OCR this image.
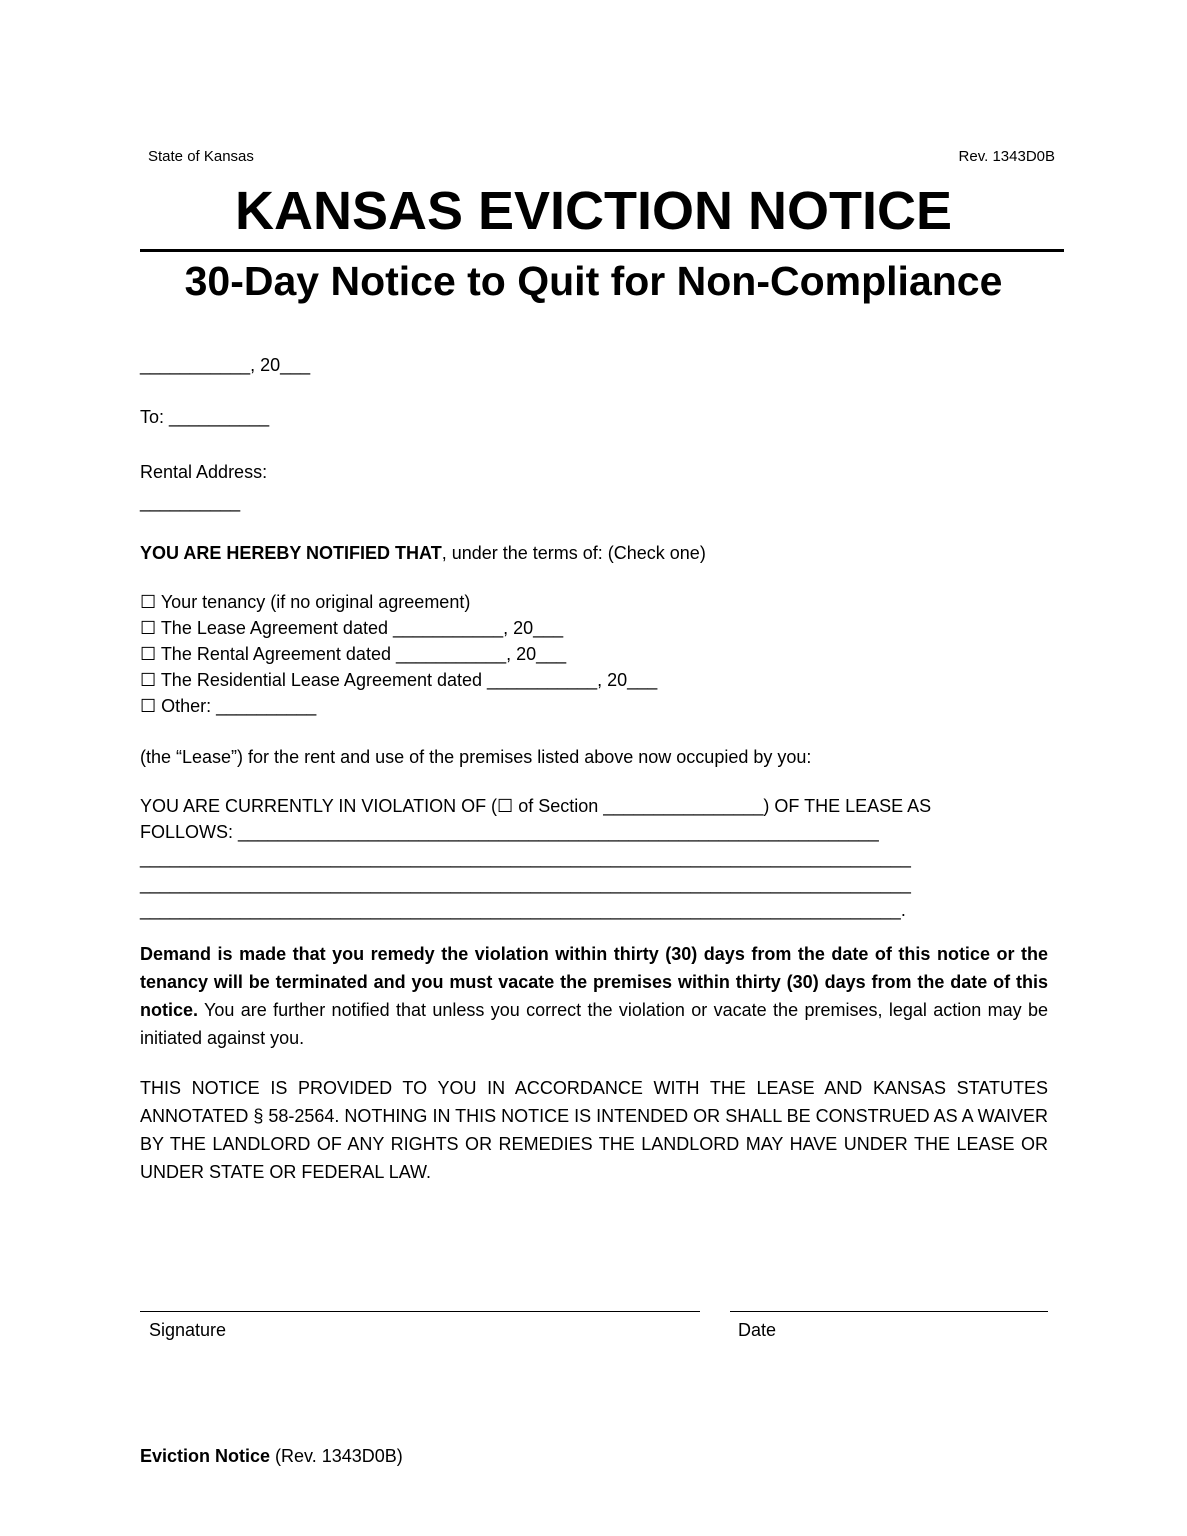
State of Kansas	Rev. 1343D0B
KANSAS EVICTION NOTICE
30-Day Notice to Quit for Non-Compliance
___________, 20___
To: __________
Rental Address:
__________
YOU ARE HEREBY NOTIFIED THAT, under the terms of: (Check one)
☐ Your tenancy (if no original agreement)
☐ The Lease Agreement dated ___________, 20___
☐ The Rental Agreement dated ___________, 20___
☐ The Residential Lease Agreement dated ___________, 20___
☐ Other: __________
(the “Lease”) for the rent and use of the premises listed above now occupied by you:
YOU ARE CURRENTLY IN VIOLATION OF (☐ of Section ________________) OF THE LEASE AS
FOLLOWS: ________________________________________________________________
_____________________________________________________________________________
_____________________________________________________________________________
____________________________________________________________________________.
Demand is made that you remedy the violation within thirty (30) days from the date of this notice or the tenancy will be terminated and you must vacate the premises within thirty (30) days from the date of this notice. You are further notified that unless you correct the violation or vacate the premises, legal action may be initiated against you.
THIS NOTICE IS PROVIDED TO YOU IN ACCORDANCE WITH THE LEASE AND KANSAS STATUTES ANNOTATED § 58-2564. NOTHING IN THIS NOTICE IS INTENDED OR SHALL BE CONSTRUED AS A WAIVER BY THE LANDLORD OF ANY RIGHTS OR REMEDIES THE LANDLORD MAY HAVE UNDER THE LEASE OR UNDER STATE OR FEDERAL LAW.
Signature	Date
Eviction Notice (Rev. 1343D0B)
